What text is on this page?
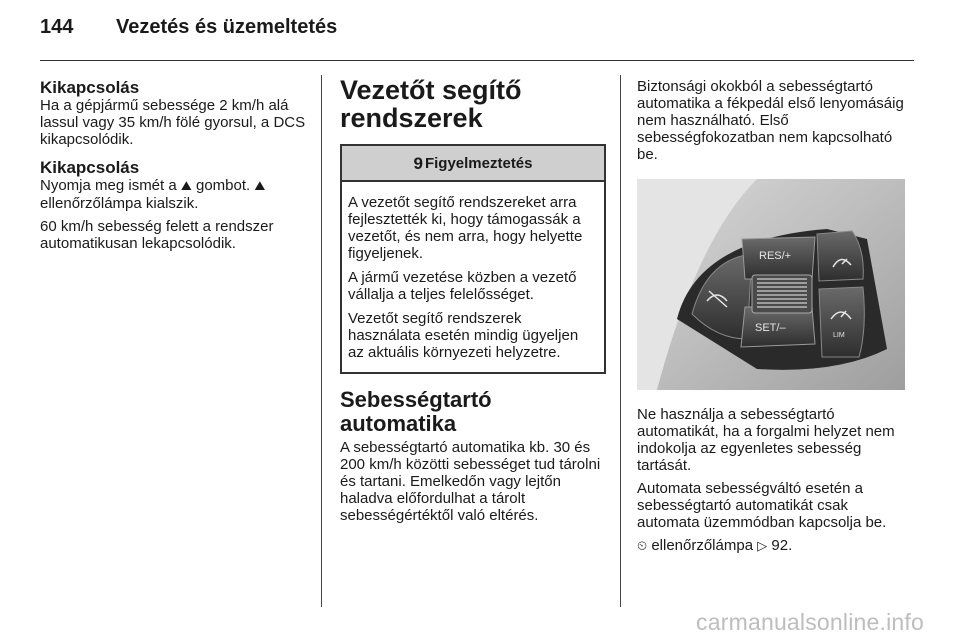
144 Vezetés és üzemeltetés
Kikapcsolás

Ha a gépjármű sebessége 2 km/h alá lassul vagy 35 km/h fölé gyorsul, a DCS kikapcsolódik.

Kikapcsolás

Nyomja meg ismét a ⛰ gombot. ⛰ ellenőrzőlámpa kialszik.

60 km/h sebesség felett a rendszer automatikusan lekapcsolódik.

Vezetőt segítő rendszerek
9 Figyelmeztetés

A vezetőt segítő rendszereket arra fejlesztették ki, hogy támogassák a vezetőt, és nem arra, hogy helyette figyeljenek.

A jármű vezetése közben a vezető vállalja a teljes felelősséget.

Vezetőt segítő rendszerek használata esetén mindig ügyeljen az aktuális környezeti helyzetre.

Sebességtartó automatika

A sebességtartó automatika kb. 30 és 200 km/h közötti sebességet tud tárolni és tartani. Emelkedőn vagy lejtőn haladva előfordulhat a tárolt sebességértéktől való eltérés.

Biztonsági okokból a sebességtartó automatika a fékpedál első lenyomásáig nem használható. Első sebességfokozatban nem kapcsolható be.

RES/+
SET/–
LIM

Ne használja a sebességtartó automatikát, ha a forgalmi helyzet nem indokolja az egyenletes sebesség tartását.

Automata sebességváltó esetén a sebességtartó automatikát csak automata üzemmódban kapcsolja be.

⏲ ellenőrzőlámpa ▷ 92.

carmanualsonline.info
